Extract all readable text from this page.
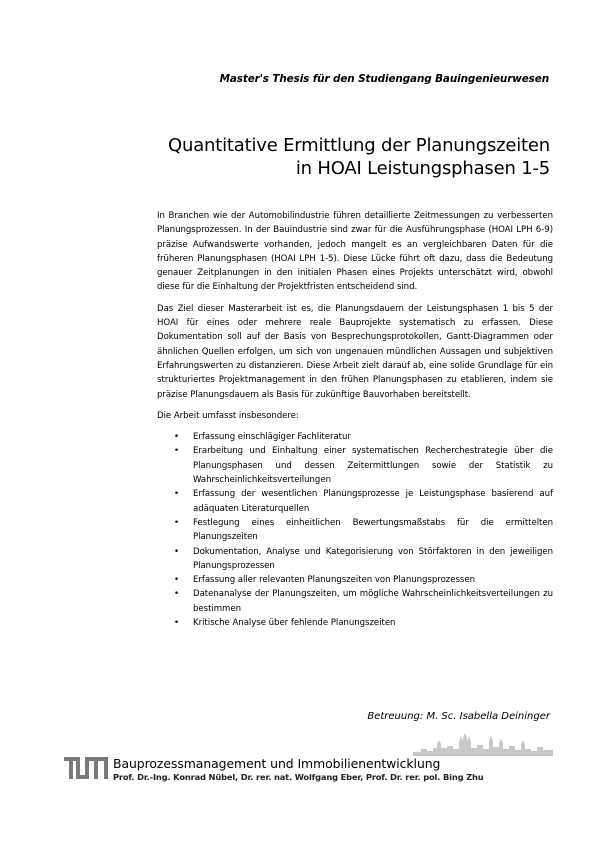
Master's Thesis für den Studiengang Bauingenieurwesen
Quantitative Ermittlung der Planungszeiten
in HOAI Leistungsphasen 1-5

In Branchen wie der Automobilindustrie führen detaillierte Zeitmessungen zu verbesserten Planungsprozessen. In der Bauindustrie sind zwar für die Ausführungsphase (HOAI LPH 6-9) präzise Aufwandswerte vorhanden, jedoch mangelt es an vergleichbaren Daten für die früheren Planungsphasen (HOAI LPH 1-5). Diese Lücke führt oft dazu, dass die Bedeutung genauer Zeitplanungen in den initialen Phasen eines Projekts unterschätzt wird, obwohl diese für die Einhaltung der Projektfristen entscheidend sind.

Das Ziel dieser Masterarbeit ist es, die Planungsdauern der Leistungsphasen 1 bis 5 der HOAI für eines oder mehrere reale Bauprojekte systematisch zu erfassen. Diese Dokumentation soll auf der Basis von Besprechungsprotokollen, Gantt-Diagrammen oder ähnlichen Quellen erfolgen, um sich von ungenauen mündlichen Aussagen und subjektiven Erfahrungswerten zu distanzieren. Diese Arbeit zielt darauf ab, eine solide Grundlage für ein strukturiertes Projektmanagement in den frühen Planungsphasen zu etablieren, indem sie präzise Planungsdauern als Basis für zukünftige Bauvorhaben bereitstellt.

Die Arbeit umfasst insbesondere:

• Erfassung einschlägiger Fachliteratur
• Erarbeitung und Einhaltung einer systematischen Recherchestrategie über die Planungsphasen und dessen Zeitermittlungen sowie der Statistik zu Wahrscheinlichkeitsverteilungen
• Erfassung der wesentlichen Planungsprozesse je Leistungsphase basierend auf adäquaten Literaturquellen
• Festlegung eines einheitlichen Bewertungsmaßstabs für die ermittelten Planungszeiten
• Dokumentation, Analyse und Kategorisierung von Störfaktoren in den jeweiligen Planungsprozessen
• Erfassung aller relevanten Planungszeiten von Planungsprozessen
• Datenanalyse der Planungszeiten, um mögliche Wahrscheinlichkeitsverteilungen zu bestimmen
• Kritische Analyse über fehlende Planungszeiten
Betreuung: M. Sc. Isabella Deininger
Bauprozessmanagement und Immobilienentwicklung
Prof. Dr.-Ing. Konrad Nübel, Dr. rer. nat. Wolfgang Eber, Prof. Dr. rer. pol. Bing Zhu
